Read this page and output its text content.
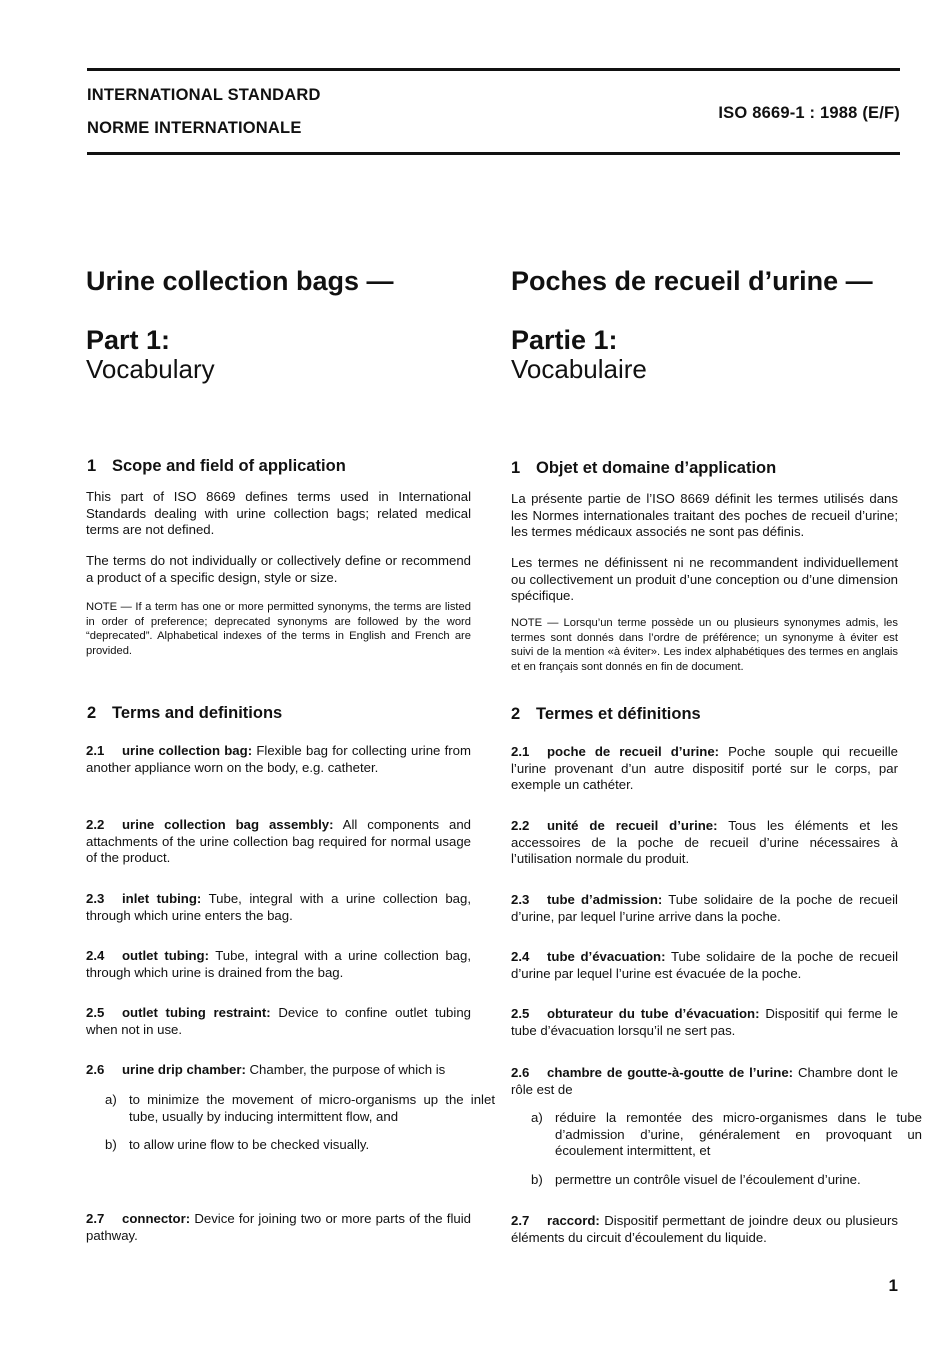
INTERNATIONAL STANDARD
NORME INTERNATIONALE
ISO 8669-1 : 1988 (E/F)
Urine collection bags —
Part 1:
Vocabulary
1 Scope and field of application
This part of ISO 8669 defines terms used in International Standards dealing with urine collection bags; related medical terms are not defined.
The terms do not individually or collectively define or recommend a product of a specific design, style or size.
NOTE — If a term has one or more permitted synonyms, the terms are listed in order of preference; deprecated synonyms are followed by the word “deprecated”. Alphabetical indexes of the terms in English and French are provided.
2 Terms and definitions
2.1 urine collection bag: Flexible bag for collecting urine from another appliance worn on the body, e.g. catheter.
2.2 urine collection bag assembly: All components and attachments of the urine collection bag required for normal usage of the product.
2.3 inlet tubing: Tube, integral with a urine collection bag, through which urine enters the bag.
2.4 outlet tubing: Tube, integral with a urine collection bag, through which urine is drained from the bag.
2.5 outlet tubing restraint: Device to confine outlet tubing when not in use.
2.6 urine drip chamber: Chamber, the purpose of which is
a) to minimize the movement of micro-organisms up the inlet tube, usually by inducing intermittent flow, and
b) to allow urine flow to be checked visually.
2.7 connector: Device for joining two or more parts of the fluid pathway.
Poches de recueil d’urine —
Partie 1:
Vocabulaire
1 Objet et domaine d’application
La présente partie de l’ISO 8669 définit les termes utilisés dans les Normes internationales traitant des poches de recueil d’urine; les termes médicaux associés ne sont pas définis.
Les termes ne définissent ni ne recommandent individuellement ou collectivement un produit d’une conception ou d’une dimension spécifique.
NOTE — Lorsqu’un terme possède un ou plusieurs synonymes admis, les termes sont donnés dans l’ordre de préférence; un synonyme à éviter est suivi de la mention «à éviter». Les index alphabétiques des termes en anglais et en français sont donnés en fin de document.
2 Termes et définitions
2.1 poche de recueil d’urine: Poche souple qui recueille l’urine provenant d’un autre dispositif porté sur le corps, par exemple un cathéter.
2.2 unité de recueil d’urine: Tous les éléments et les accessoires de la poche de recueil d’urine nécessaires à l’utilisation normale du produit.
2.3 tube d’admission: Tube solidaire de la poche de recueil d’urine, par lequel l’urine arrive dans la poche.
2.4 tube d’évacuation: Tube solidaire de la poche de recueil d’urine par lequel l’urine est évacuée de la poche.
2.5 obturateur du tube d’évacuation: Dispositif qui ferme le tube d’évacuation lorsqu’il ne sert pas.
2.6 chambre de goutte-à-goutte de l’urine: Chambre dont le rôle est de
a) réduire la remontée des micro-organismes dans le tube d’admission d’urine, généralement en provoquant un écoulement intermittent, et
b) permettre un contrôle visuel de l’écoulement d’urine.
2.7 raccord: Dispositif permettant de joindre deux ou plusieurs éléments du circuit d’écoulement du liquide.
1
